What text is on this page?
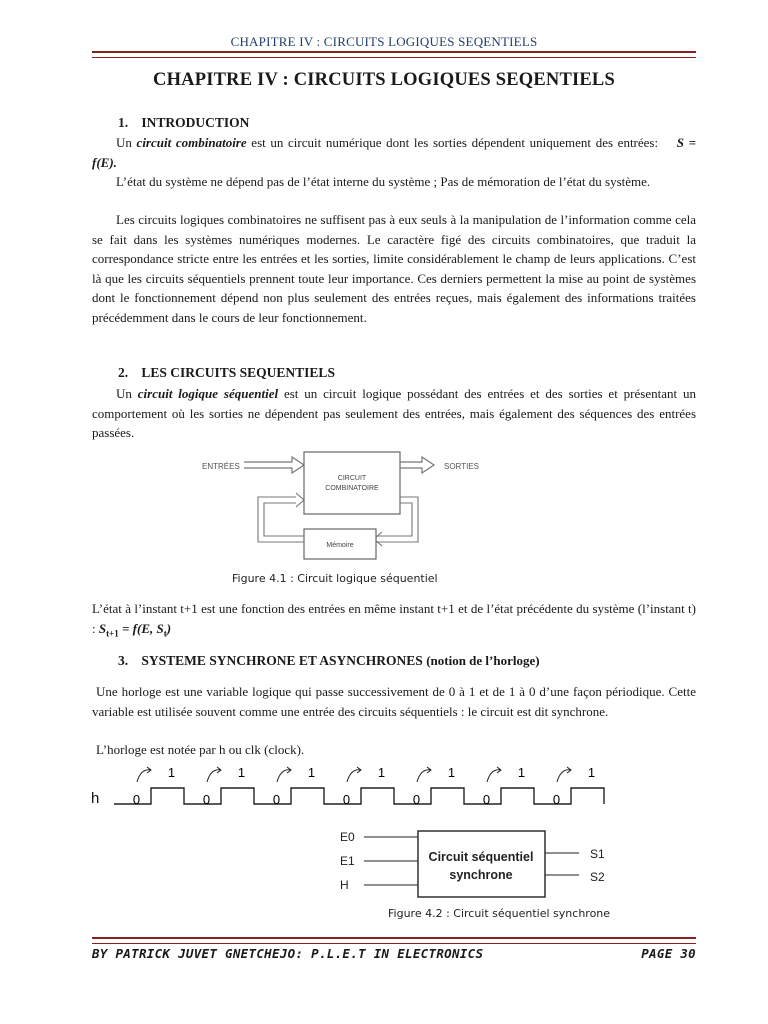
CHAPITRE IV : CIRCUITS LOGIQUES SEQENTIELS
CHAPITRE IV : CIRCUITS LOGIQUES SEQENTIELS
1. INTRODUCTION
Un circuit combinatoire est un circuit numérique dont les sorties dépendent uniquement des entrées: S = f(E).
L’état du système ne dépend pas de l’état interne du système ; Pas de mémoration de l’état du système.
Les circuits logiques combinatoires ne suffisent pas à eux seuls à la manipulation de l’information comme cela se fait dans les systèmes numériques modernes. Le caractère figé des circuits combinatoires, que traduit la correspondance stricte entre les entrées et les sorties, limite considérablement le champ de leurs applications. C’est là que les circuits séquentiels prennent toute leur importance. Ces derniers permettent la mise au point de systèmes dont le fonctionnement dépend non plus seulement des entrées reçues, mais également des informations traitées précédemment dans le cours de leur fonctionnement.
2. LES CIRCUITS SEQUENTIELS
Un circuit logique séquentiel est un circuit logique possédant des entrées et des sorties et présentant un comportement où les sorties ne dépendent pas seulement des entrées, mais également des séquences des entrées passées.
ENTRÉES
CIRCUIT
COMBINATOIRE
SORTIES
Mémoire
Figure 4.1 : Circuit logique séquentiel
L’état à l’instant t+1 est une fonction des entrées en même instant t+1 et de l’état précédente du système (l’instant t) : $S_{t+1} = f(E$, $S_t$)
3. SYSTEME SYNCHRONE ET ASYNCHRONES (notion de l’horloge)
Une horloge est une variable logique qui passe successivement de 0 à 1 et de 1 à 0 d’une façon périodique. Cette variable est utilisée souvent comme une entrée des circuits séquentiels : le circuit est dit synchrone.
L’horloge est notée par h ou clk (clock).
h	0
1
0
1
0
1
0
1
0
1
0
1
0
1
E0
E1
H
Circuit séquentiel
synchrone
S1
S2
Figure 4.2 : Circuit séquentiel synchrone
BY PATRICK JUVET GNETCHEJO: P.L.E.T IN ELECTRONICS	PAGE 30
